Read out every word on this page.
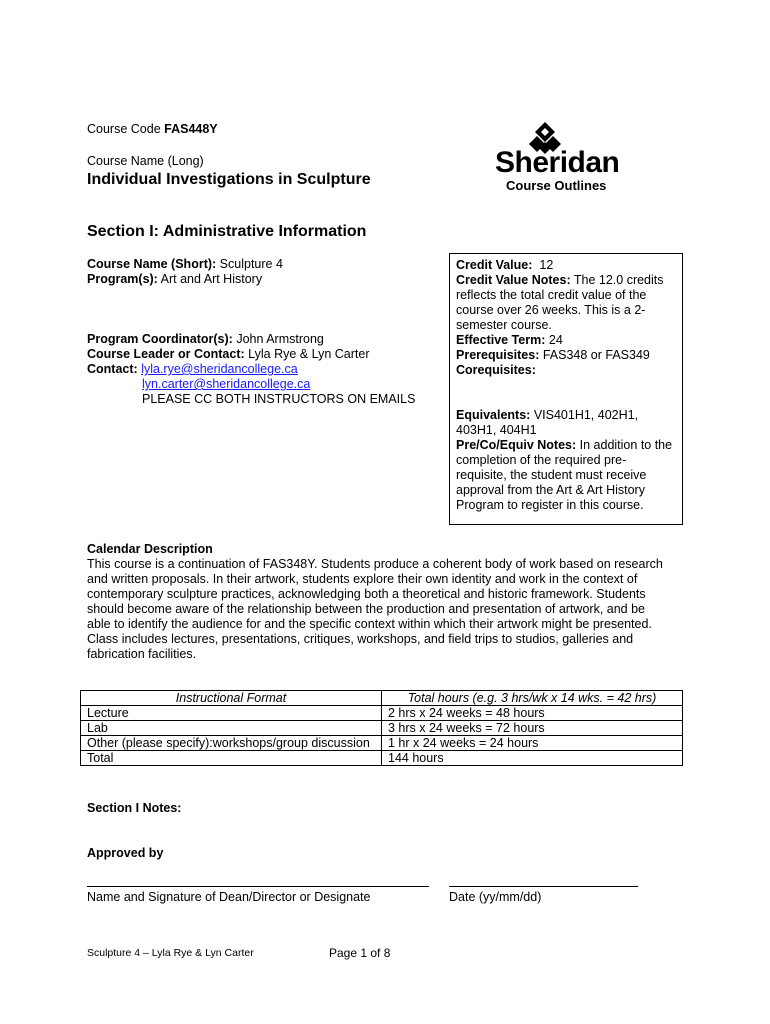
Course Code FAS448Y
Course Name (Long)
Individual Investigations in Sculpture
Sheridan
Course Outlines
Section I: Administrative Information
Course Name (Short): Sculpture 4
Program(s): Art and Art History
Program Coordinator(s): John Armstrong
Course Leader or Contact: Lyla Rye & Lyn Carter
Contact: lyla.rye@sheridancollege.ca
lyn.carter@sheridancollege.ca
PLEASE CC BOTH INSTRUCTORS ON EMAILS
Credit Value: 12
Credit Value Notes: The 12.0 credits
reflects the total credit value of the
course over 26 weeks. This is a 2-
semester course.
Effective Term: 24
Prerequisites: FAS348 or FAS349
Corequisites:
Equivalents: VIS401H1, 402H1,
403H1, 404H1
Pre/Co/Equiv Notes: In addition to the
completion of the required pre-
requisite, the student must receive
approval from the Art & Art History
Program to register in this course.
Calendar Description
This course is a continuation of FAS348Y. Students produce a coherent body of work based on research
and written proposals. In their artwork, students explore their own identity and work in the context of
contemporary sculpture practices, acknowledging both a theoretical and historic framework. Students
should become aware of the relationship between the production and presentation of artwork, and be
able to identify the audience for and the specific context within which their artwork might be presented.
Class includes lectures, presentations, critiques, workshops, and field trips to studios, galleries and
fabrication facilities.
Instructional Format	Total hours (e.g. 3 hrs/wk x 14 wks. = 42 hrs)
Lecture	2 hrs x 24 weeks = 48 hours
Lab	3 hrs x 24 weeks = 72 hours
Other (please specify):workshops/group discussion	1 hr x 24 weeks = 24 hours
Total	144 hours
Section I Notes:
Approved by
Name and Signature of Dean/Director or Designate	Date (yy/mm/dd)
Sculpture 4 – Lyla Rye & Lyn Carter	Page 1 of 8
